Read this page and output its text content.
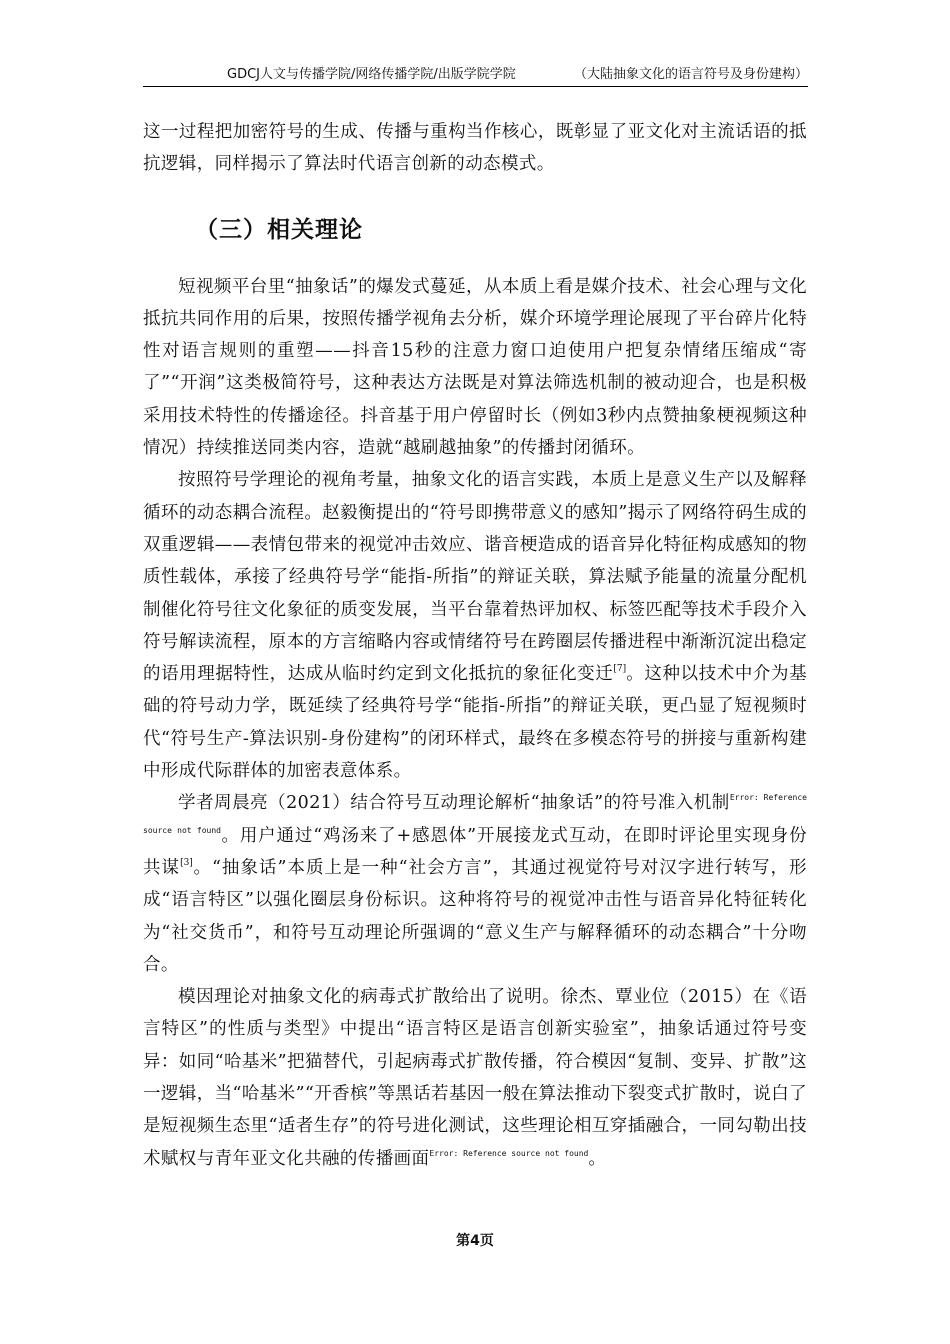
GDCJ人文与传播学院/网络传播学院/出版学院学院	（大陆抽象文化的语言符号及身份建构）

这一过程把加密符号的生成、传播与重构当作核心，既彰显了亚文化对主流话语的抵抗逻辑，同样揭示了算法时代语言创新的动态模式。

（三）相关理论

短视频平台里“抽象话”的爆发式蔓延，从本质上看是媒介技术、社会心理与文化抵抗共同作用的后果，按照传播学视角去分析，媒介环境学理论展现了平台碎片化特性对语言规则的重塑——抖音15秒的注意力窗口迫使用户把复杂情绪压缩成“寄了”“开润”这类极简符号，这种表达方法既是对算法筛选机制的被动迎合，也是积极采用技术特性的传播途径。抖音基于用户停留时长（例如3秒内点赞抽象梗视频这种情况）持续推送同类内容，造就“越刷越抽象”的传播封闭循环。

按照符号学理论的视角考量，抽象文化的语言实践，本质上是意义生产以及解释循环的动态耦合流程。赵毅衡提出的“符号即携带意义的感知”揭示了网络符码生成的双重逻辑——表情包带来的视觉冲击效应、谐音梗造成的语音异化特征构成感知的物质性载体，承接了经典符号学“能指-所指”的辩证关联，算法赋予能量的流量分配机制催化符号往文化象征的质变发展，当平台靠着热评加权、标签匹配等技术手段介入符号解读流程，原本的方言缩略内容或情绪符号在跨圈层传播进程中渐渐沉淀出稳定的语用理据特性，达成从临时约定到文化抵抗的象征化变迁[7]。这种以技术中介为基础的符号动力学，既延续了经典符号学“能指-所指”的辩证关联，更凸显了短视频时代“符号生产-算法识别-身份建构”的闭环样式，最终在多模态符号的拼接与重新构建中形成代际群体的加密表意体系。

学者周晨亮（2021）结合符号互动理论解析“抽象话”的符号准入机制$^{Error: Reference source not found}$。用户通过“鸡汤来了+感恩体”开展接龙式互动，在即时评论里实现身份共谋[3]。“抽象话”本质上是一种“社会方言”，其通过视觉符号对汉字进行转写，形成“语言特区”以强化圈层身份标识。这种将符号的视觉冲击性与语音异化特征转化为“社交货币”，和符号互动理论所强调的“意义生产与解释循环的动态耦合”十分吻合。

模因理论对抽象文化的病毒式扩散给出了说明。徐杰、覃业位（2015）在《语言特区”的性质与类型》中提出“语言特区是语言创新实验室”，抽象话通过符号变异：如同“哈基米”把猫替代，引起病毒式扩散传播，符合模因“复制、变异、扩散”这一逻辑，当“哈基米”“开香槟”等黑话若基因一般在算法推动下裂变式扩散时，说白了是短视频生态里“适者生存”的符号进化测试，这些理论相互穿插融合，一同勾勒出技术赋权与青年亚文化共融的传播画面$^{Error: Reference source not found}$。

第4页
